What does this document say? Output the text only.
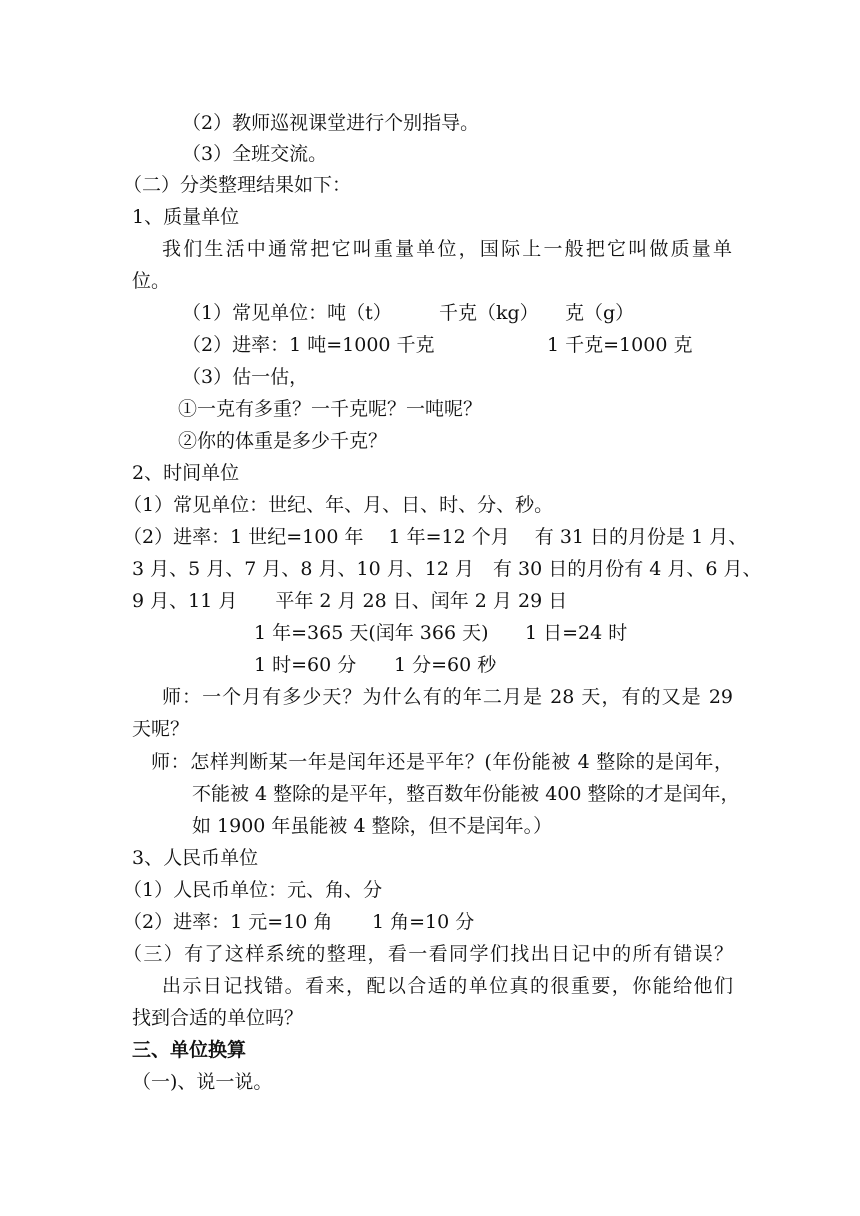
（2）教师巡视课堂进行个别指导。
（3）全班交流。
（二）分类整理结果如下：
1、质量单位
我们生活中通常把它叫重量单位，国际上一般把它叫做质量单
位。
（1）常见单位：吨（t） 千克（kg） 克（g）
（2）进率：1 吨=1000 千克	1 千克=1000 克
（3）估一估，
①一克有多重？一千克呢？一吨呢？
②你的体重是多少千克？
2、时间单位
（1）常见单位：世纪、年、月、日、时、分、秒。
（2）进率：1 世纪=100 年　 1 年=12 个月　 有 31 日的月份是 1 月、
3 月、5 月、7 月、8 月、10 月、12 月　有 30 日的月份有 4 月、6 月、
9 月、11 月　　平年 2 月 28 日、闰年 2 月 29 日
1 年=365 天(闰年 366 天) 1 日=24 时
1 时=60 分 1 分=60 秒
师：一个月有多少天？为什么有的年二月是 28 天，有的又是 29
天呢？
师：怎样判断某一年是闰年还是平年？(年份能被 4 整除的是闰年，
不能被 4 整除的是平年，整百数年份能被 400 整除的才是闰年，
如 1900 年虽能被 4 整除，但不是闰年。）
3、人民币单位
（1）人民币单位：元、角、分
（2）进率：1 元=10 角 1 角=10 分
（三）有了这样系统的整理，看一看同学们找出日记中的所有错误？
出示日记找错。看来，配以合适的单位真的很重要，你能给他们
找到合适的单位吗？
三、单位换算
（一)、说一说。
